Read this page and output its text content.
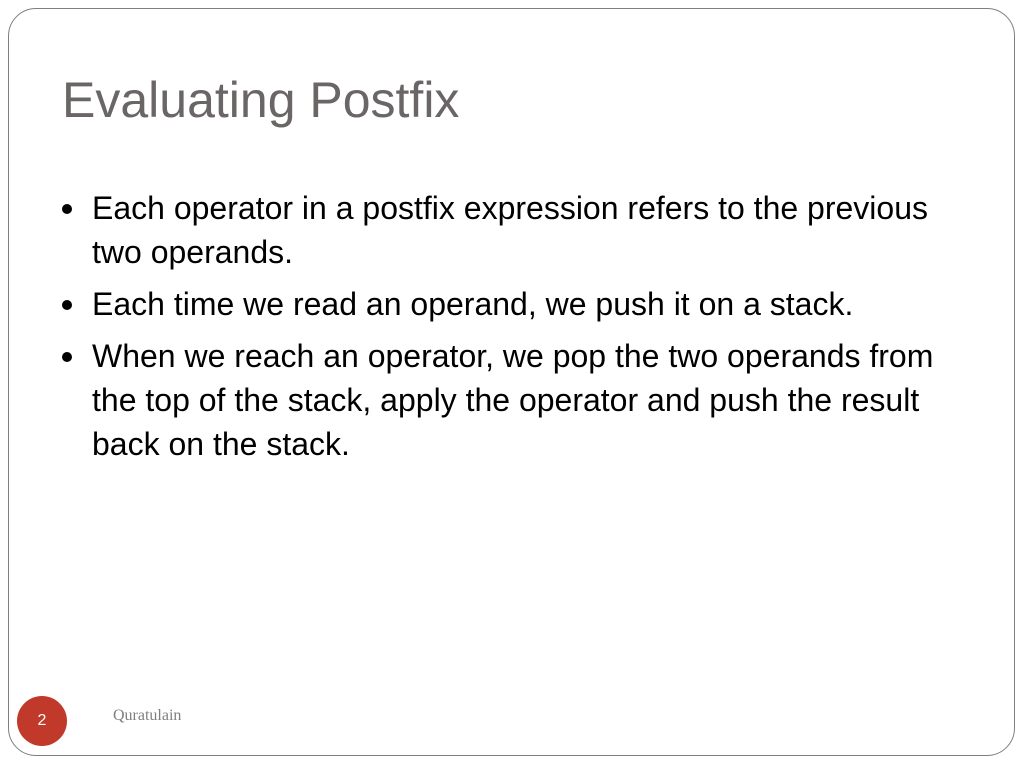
Evaluating Postfix
Each operator in a postfix expression refers to the previous two operands.
Each time we read an operand, we push it on a stack.
When we reach an operator, we pop the two operands from the top of the stack, apply the operator and push the result back on the stack.
2	Quratulain
